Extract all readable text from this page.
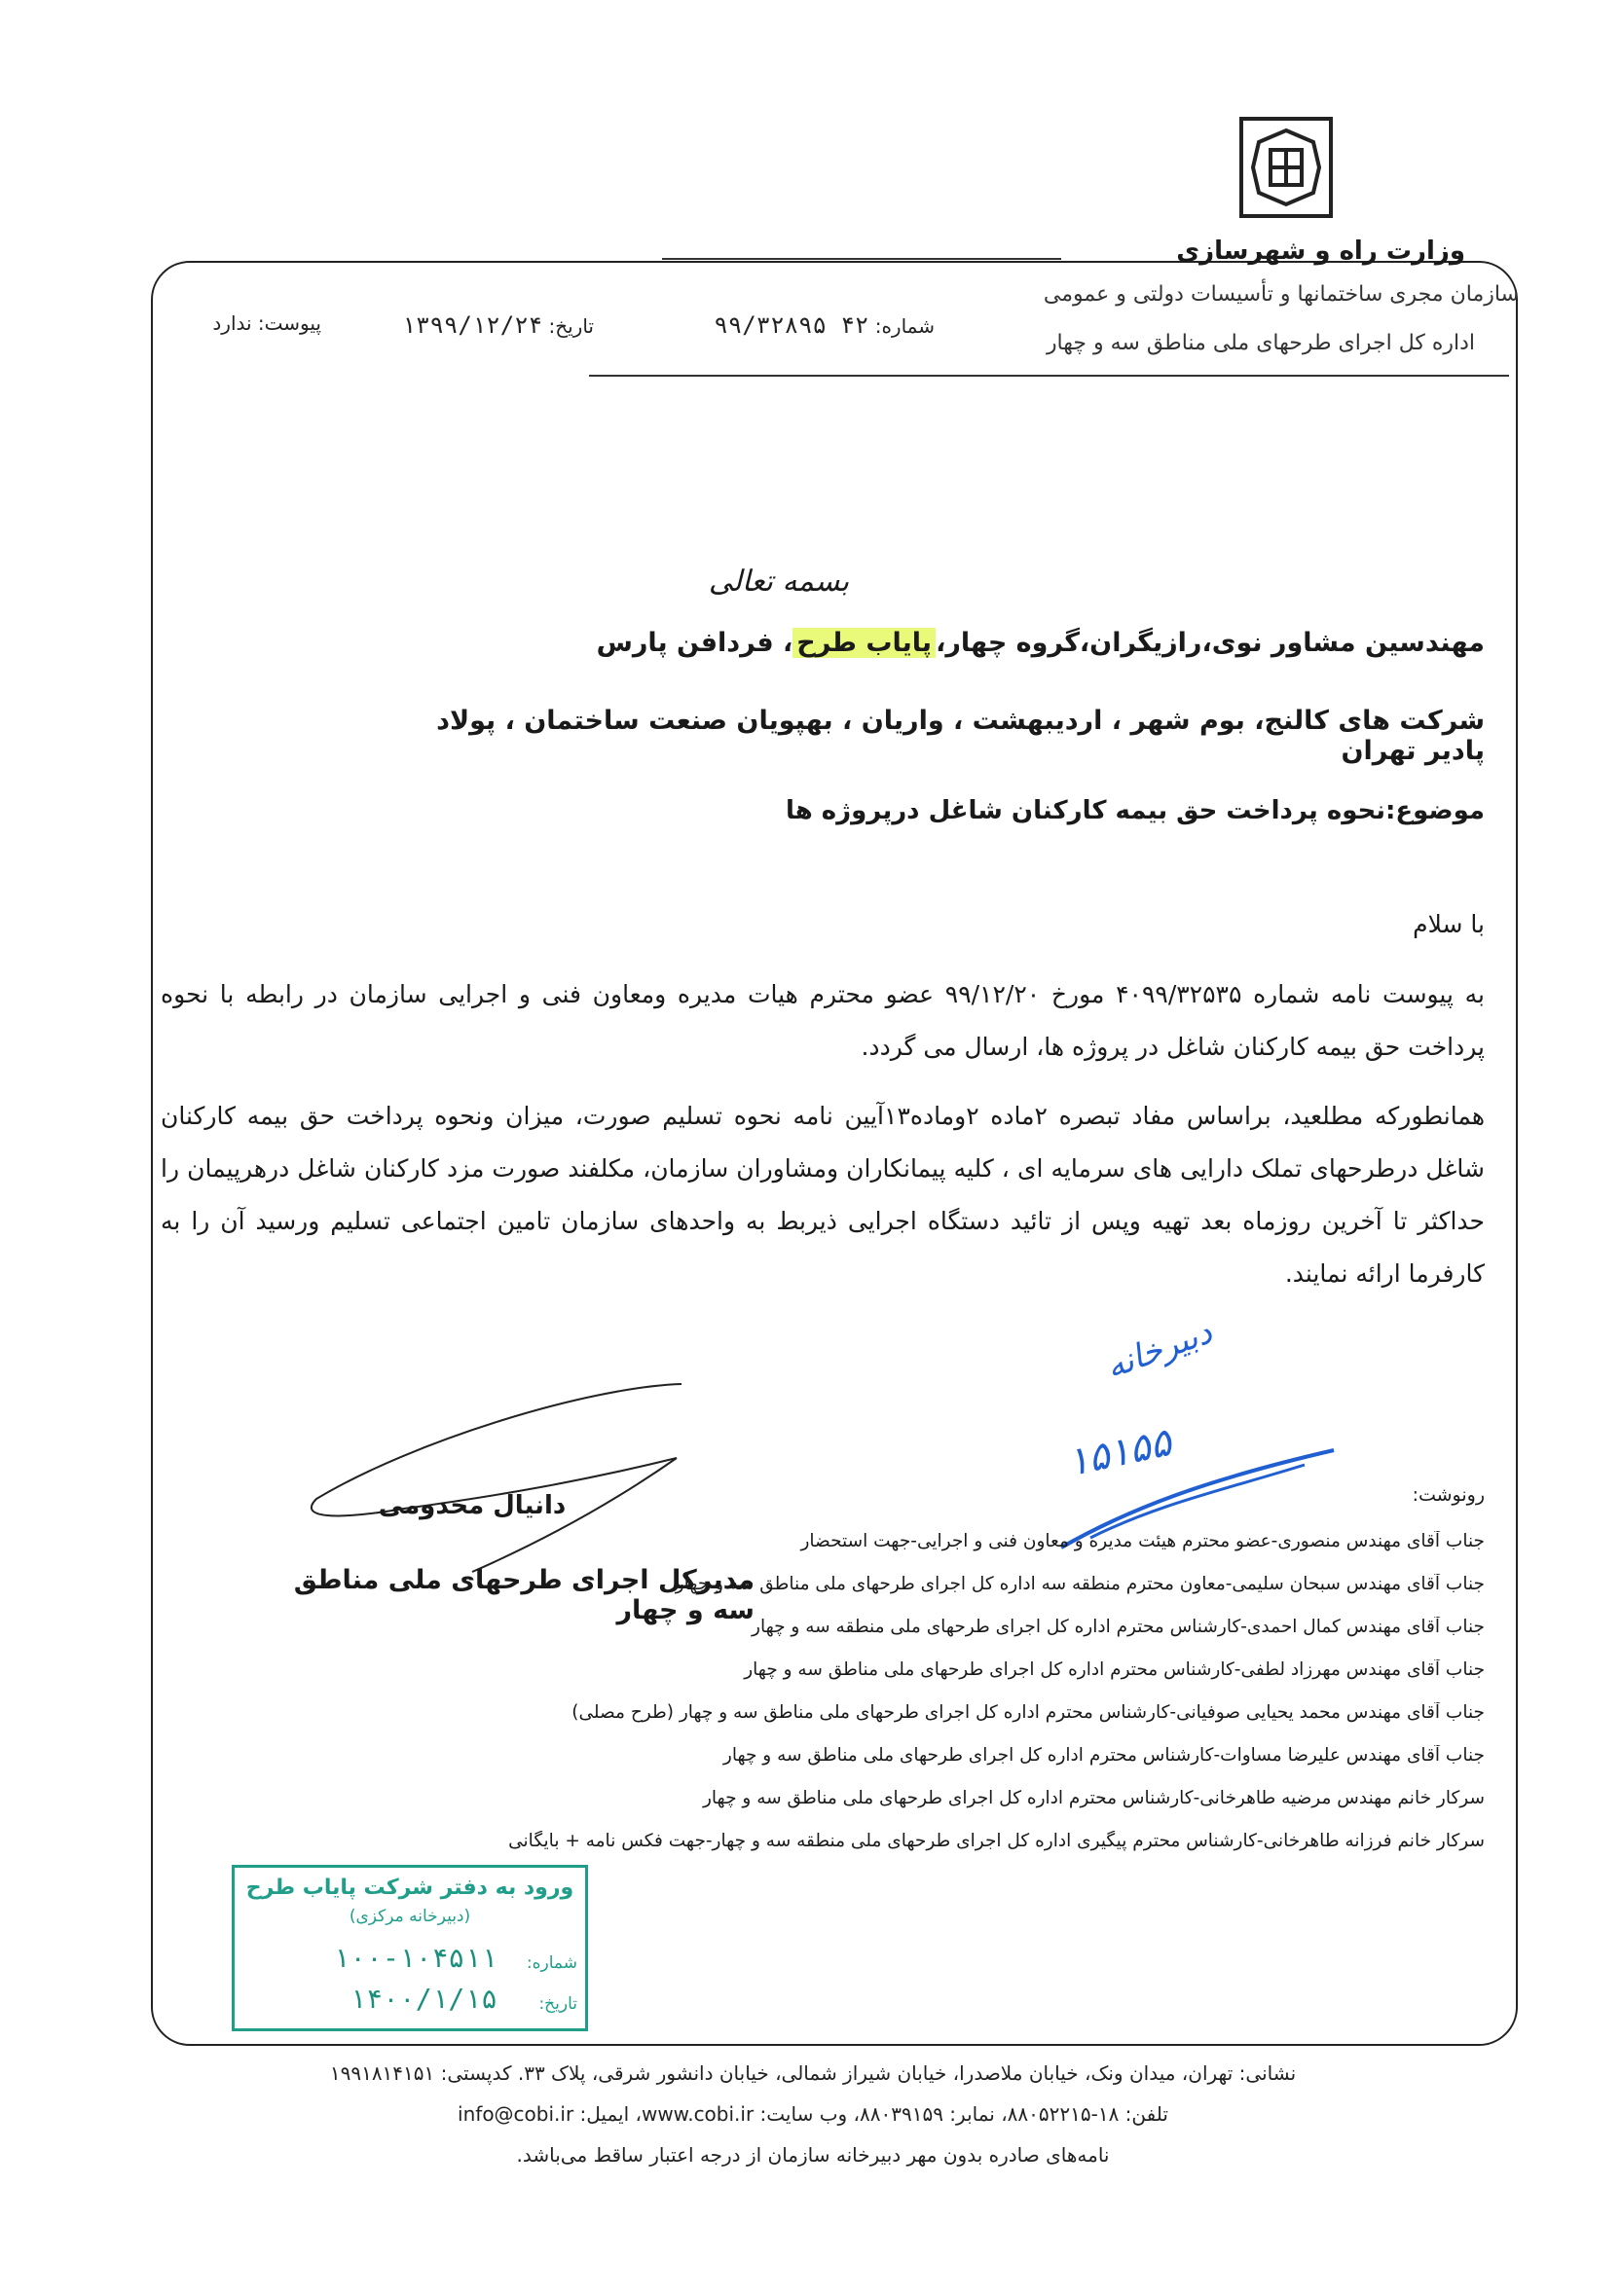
وزارت راه و شهرسازی
سازمان مجری ساختمانها و تأسیسات دولتی و عمومی
اداره کل اجرای طرحهای ملی مناطق سه و چهار
شماره: ۴۲ ۹۹/۳۲۸۹۵
تاریخ: ۱۳۹۹/۱۲/۲۴
پیوست: ندارد
بسمه تعالی
مهندسین مشاور نوی،رازیگران،گروه چهار،پایاب طرح، فردافن پارس
شرکت های کالنج، بوم شهر ، اردیبهشت ، واریان ، بهپویان صنعت ساختمان ، پولاد پادیر تهران
موضوع:نحوه پرداخت حق بیمه کارکنان شاغل درپروژه ها
با سلام
به پیوست نامه شماره ۴۰۹۹/۳۲۵۳۵ مورخ ۹۹/۱۲/۲۰ عضو محترم هیات مدیره ومعاون فنی و اجرایی سازمان در رابطه با نحوه پرداخت حق بیمه کارکنان شاغل در پروژه ها، ارسال می گردد.
همانطورکه مطلعید، براساس مفاد تبصره ۲ماده ۲وماده۱۳آیین نامه نحوه تسلیم صورت، میزان ونحوه پرداخت حق بیمه کارکنان شاغل درطرحهای تملک دارایی های سرمایه ای ، کلیه پیمانکاران ومشاوران سازمان، مکلفند صورت مزد کارکنان شاغل درهرپیمان را حداکثر تا آخرین روزماه بعد تهیه وپس از تائید دستگاه اجرایی ذیربط به واحدهای سازمان تامین اجتماعی تسلیم ورسید آن را به کارفرما ارائه نمایند.
دبیرخانه
۱۵۱۵۵
دانیال مخدومی
مدیرکل اجرای طرحهای ملی مناطق سه و چهار
رونوشت:
جناب آقای مهندس منصوری-عضو محترم هیئت مدیره و معاون فنی و اجرایی-جهت استحضار
جناب آقای مهندس سبحان سلیمی-معاون محترم منطقه سه اداره کل اجرای طرحهای ملی مناطق سه و چهار
جناب آقای مهندس کمال احمدی-کارشناس محترم اداره کل اجرای طرحهای ملی منطقه سه و چهار
جناب آقای مهندس مهرزاد لطفی-کارشناس محترم اداره کل اجرای طرحهای ملی مناطق سه و چهار
جناب آقای مهندس محمد یحیایی صوفیانی-کارشناس محترم اداره کل اجرای طرحهای ملی مناطق سه و چهار (طرح مصلی)
جناب آقای مهندس علیرضا مساوات-کارشناس محترم اداره کل اجرای طرحهای ملی مناطق سه و چهار
سرکار خانم مهندس مرضیه طاهرخانی-کارشناس محترم اداره کل اجرای طرحهای ملی مناطق سه و چهار
سرکار خانم فرزانه طاهرخانی-کارشناس محترم پیگیری اداره کل اجرای طرحهای ملی منطقه سه و چهار-جهت فکس نامه + بایگانی
ورود به دفتر شرکت پایاب طرح
(دبیرخانه مرکزی)
شماره:
۱۰۰-۱۰۴۵۱۱
تاریخ:
۱۴۰۰/۱/۱۵
نشانی: تهران، میدان ونک، خیابان ملاصدرا، خیابان شیراز شمالی، خیابان دانشور شرقی، پلاک ۳۳. کدپستی: ۱۹۹۱۸۱۴۱۵۱
تلفن: ۱۸-۸۸۰۵۲۲۱۵، نمابر: ۸۸۰۳۹۱۵۹، وب سایت: www.cobi.ir، ایمیل: info@cobi.ir
نامه‌های صادره بدون مهر دبیرخانه سازمان از درجه اعتبار ساقط می‌باشد.
